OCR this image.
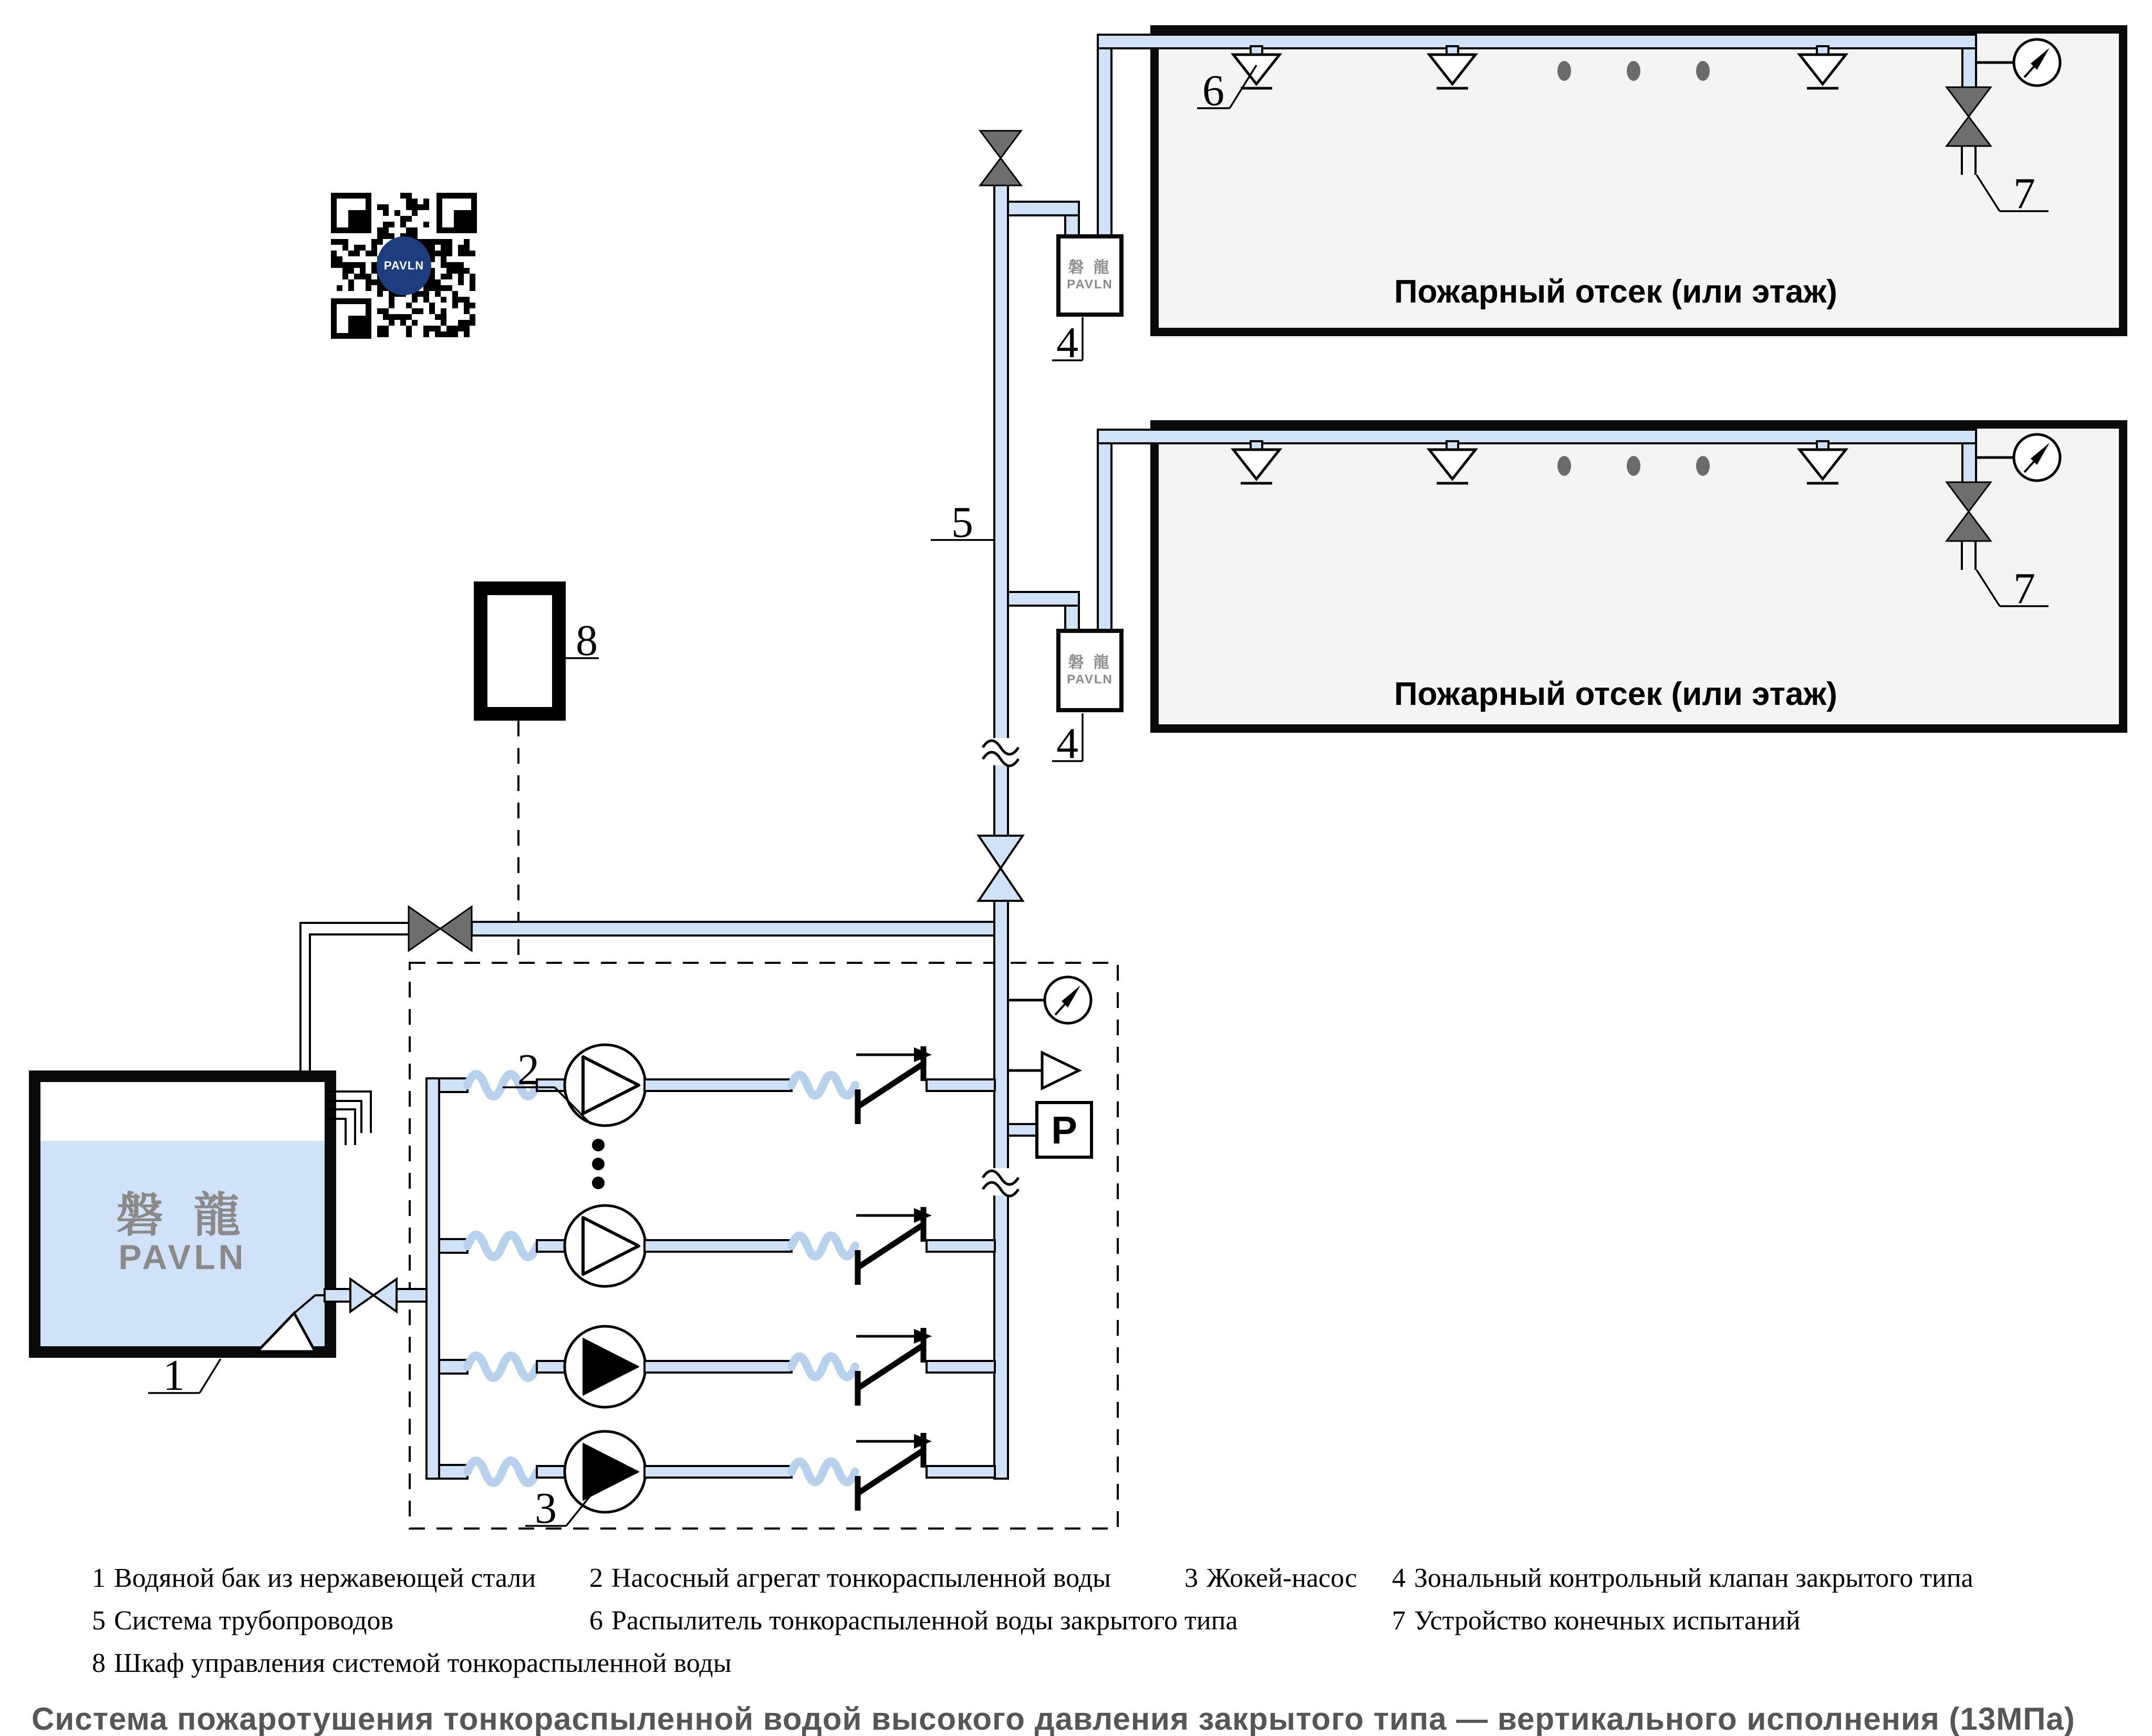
Пожарный отсек (или этаж)
Пожарный отсек (или этаж)
磐 龍
PAVLN
磐 龍
PAVLN
磐 龍
PAVLN
P
PAVLN
1
2
3
4
4
5
6
7
7
8
1 Водяной бак из нержавеющей стали 2 Насосный агрегат тонкораспыленной воды	3 Жокей-насос 4 Зональный контрольный клапан закрытого типа
5 Система трубопроводов	6 Распылитель тонкораспыленной воды закрытого типа	7 Устройство конечных испытаний
8 Шкаф управления системой тонкораспыленной воды
Система пожаротушения тонкораспыленной водой высокого давления закрытого типа — вертикального исполнения (13МПа)
